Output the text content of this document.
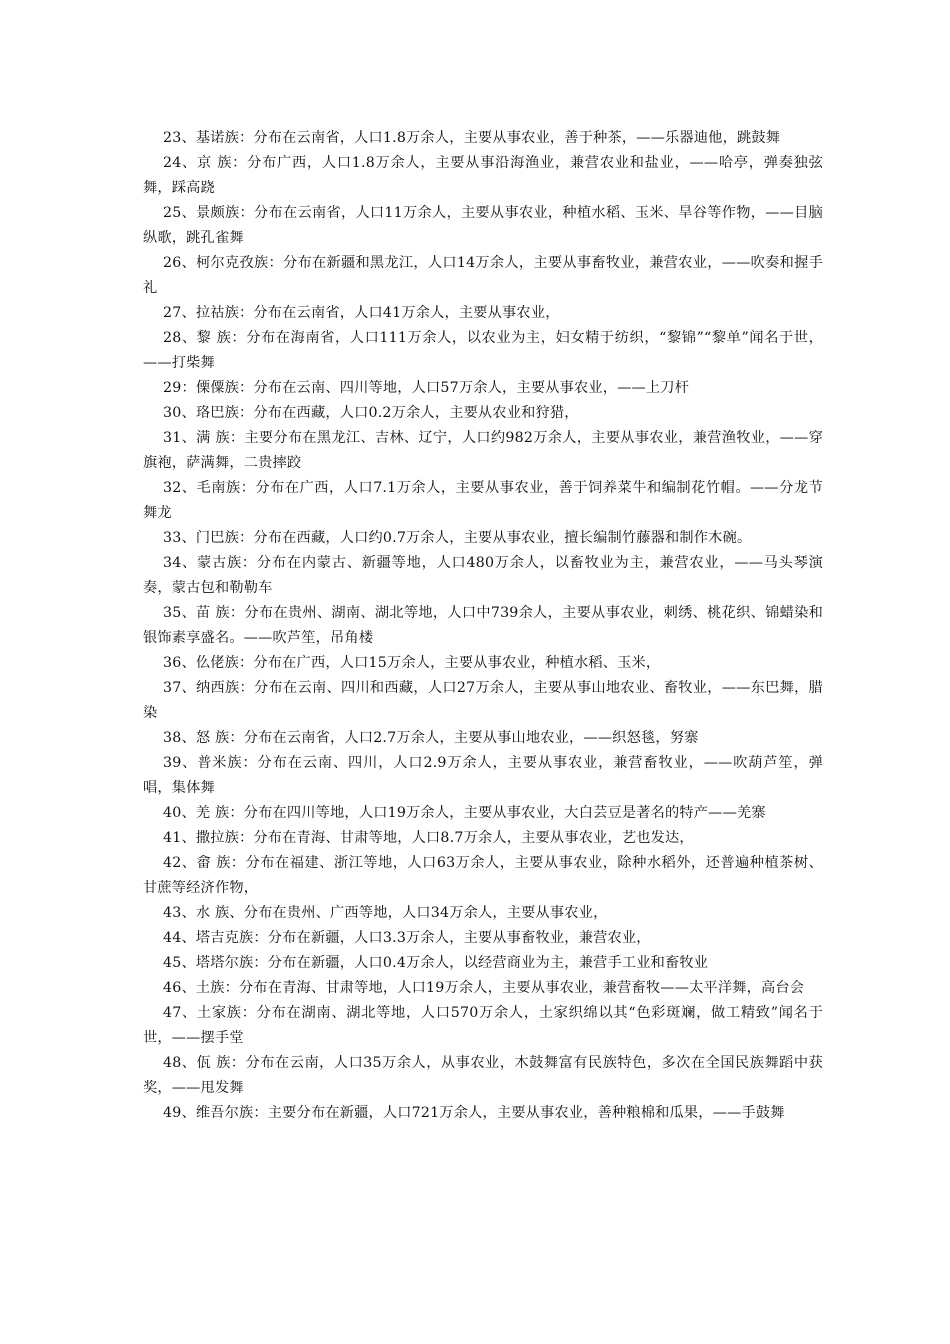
23、基诺族：分布在云南省，人口1.8万余人，主要从事农业，善于种茶，——乐器迪他，跳鼓舞

24、京 族：分布广西，人口1.8万余人，主要从事沿海渔业，兼营农业和盐业，——哈亭，弹奏独弦舞，踩高跷

25、景颇族：分布在云南省，人口11万余人，主要从事农业，种植水稻、玉米、旱谷等作物，——目脑纵歌，跳孔雀舞

26、柯尔克孜族：分布在新疆和黑龙江，人口14万余人，主要从事畜牧业，兼营农业，——吹奏和握手礼

27、拉祜族：分布在云南省，人口41万余人，主要从事农业，

28、黎 族：分布在海南省，人口111万余人，以农业为主，妇女精于纺织，“黎锦”“黎单”闻名于世，——打柴舞

29：傈僳族：分布在云南、四川等地，人口57万余人，主要从事农业，——上刀杆

30、珞巴族：分布在西藏，人口0.2万余人，主要从农业和狩猎，

31、满 族：主要分布在黑龙江、吉林、辽宁，人口约982万余人，主要从事农业，兼营渔牧业，——穿旗袍，萨满舞，二贵摔跤

32、毛南族：分布在广西，人口7.1万余人，主要从事农业，善于饲养菜牛和编制花竹帽。——分龙节舞龙

33、门巴族：分布在西藏，人口约0.7万余人，主要从事农业，擅长编制竹藤器和制作木碗。

34、蒙古族：分布在内蒙古、新疆等地，人口480万余人，以畜牧业为主，兼营农业，——马头琴演奏，蒙古包和勒勒车

35、苗 族：分布在贵州、湖南、湖北等地，人口中739余人，主要从事农业，刺绣、桃花织、锦蜡染和银饰素享盛名。——吹芦笙，吊角楼

36、仫佬族：分布在广西，人口15万余人，主要从事农业，种植水稻、玉米，

37、纳西族：分布在云南、四川和西藏，人口27万余人，主要从事山地农业、畜牧业，——东巴舞，腊染

38、怒 族：分布在云南省，人口2.7万余人，主要从事山地农业，——织怒毯，努寨

39、普米族：分布在云南、四川，人口2.9万余人，主要从事农业，兼营畜牧业，——吹葫芦笙，弹唱，集体舞

40、羌 族：分布在四川等地，人口19万余人，主要从事农业，大白芸豆是著名的特产——羌寨

41、撒拉族：分布在青海、甘肃等地，人口8.7万余人，主要从事农业，艺也发达，

42、畲 族：分布在福建、浙江等地，人口63万余人，主要从事农业，除种水稻外，还普遍种植茶树、甘蔗等经济作物，

43、水 族、分布在贵州、广西等地，人口34万余人，主要从事农业，

44、塔吉克族：分布在新疆，人口3.3万余人，主要从事畜牧业，兼营农业，

45、塔塔尔族：分布在新疆，人口0.4万余人，以经营商业为主，兼营手工业和畜牧业

46、土族：分布在青海、甘肃等地，人口19万余人，主要从事农业，兼营畜牧——太平洋舞，高台会

47、土家族：分布在湖南、湖北等地，人口570万余人，土家织绵以其“色彩斑斓，做工精致”闻名于世，——摆手堂

48、佤 族：分布在云南，人口35万余人，从事农业，木鼓舞富有民族特色，多次在全国民族舞蹈中获奖，——甩发舞

49、维吾尔族：主要分布在新疆，人口721万余人，主要从事农业，善种粮棉和瓜果，——手鼓舞
